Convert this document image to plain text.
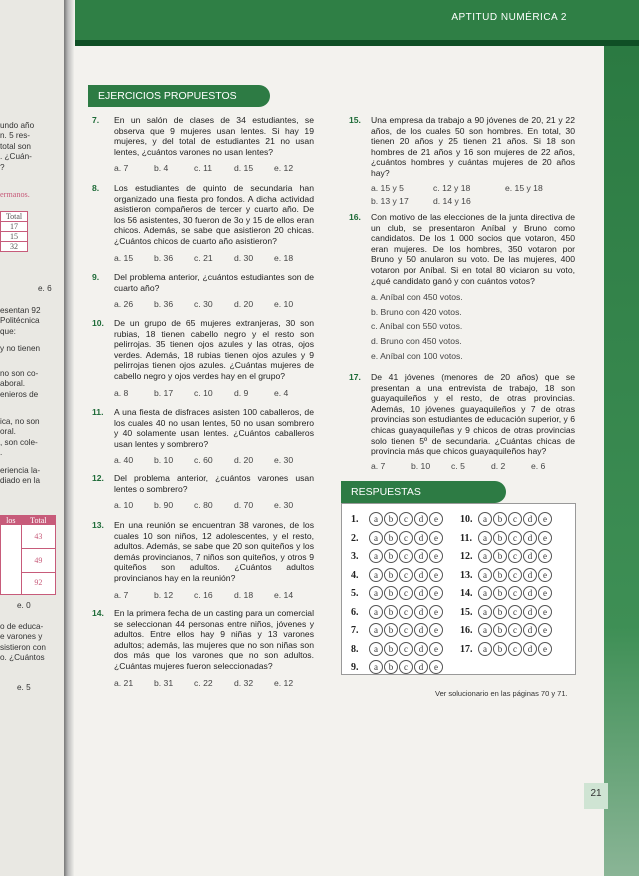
APTITUD NUMÉRICA 2
21
undo año
n. 5 res-
total son
. ¿Cuán-
?
ermanos.
Total
17
15
32
e. 6
esentan 92
Politécnica
que:
y no tienen
no son co-
aboral.
enieros de
ica, no son
oral.
, son cole-
.
eriencia la-
diado en la
los	Total
43
49
92
e. 0
o de educa-
e varones y
sistieron con
o. ¿Cuántos
e. 5
EJERCICIOS PROPUESTOS
7. En un salón de clases de 34 estudiantes, se observa que 9 mujeres usan lentes. Si hay 19 mujeres, y del total de estudiantes 21 no usan lentes, ¿cuántos varones no usan lentes?
a. 7	b. 4	c. 11	d. 15	e. 12
8. Los estudiantes de quinto de secundaria han organizado una fiesta pro fondos. A dicha actividad asistieron compañeros de tercer y cuarto año. De los 56 asistentes, 30 fueron de 3o y 15 de ellos eran chicos. Además, se sabe que asistieron 20 chicas. ¿Cuántos chicos de cuarto año asistieron?
a. 15	b. 36	c. 21	d. 30	e. 18
9. Del problema anterior, ¿cuántos estudiantes son de cuarto año?
a. 26	b. 36	c. 30	d. 20	e. 10
10. De un grupo de 65 mujeres extranjeras, 30 son rubias, 18 tienen cabello negro y el resto son pelirrojas. 35 tienen ojos azules y las otras, ojos verdes. Además, 18 rubias tienen ojos azules y 9 pelirrojas tienen ojos azules. ¿Cuántas mujeres de cabello negro y ojos verdes hay en el grupo?
a. 8	b. 17	c. 10	d. 9	e. 4
11. A una fiesta de disfraces asisten 100 caballeros, de los cuales 40 no usan lentes, 50 no usan sombrero y 40 solamente usan lentes. ¿Cuántos caballeros usan lentes y sombrero?
a. 40	b. 10	c. 60	d. 20	e. 30
12. Del problema anterior, ¿cuántos varones usan lentes o sombrero?
a. 10	b. 90	c. 80	d. 70	e. 30
13. En una reunión se encuentran 38 varones, de los cuales 10 son niños, 12 adolescentes, y el resto, adultos. Además, se sabe que 20 son quiteños y los demás provincianos, 7 niños son quiteños, y otros 9 quiteños son adultos. ¿Cuántos adultos provincianos hay en la reunión?
a. 7	b. 12	c. 16	d. 18	e. 14
14. En la primera fecha de un casting para un comercial se seleccionan 44 personas entre niños, jóvenes y adultos. Entre ellos hay 9 niñas y 13 varones adultos; además, las mujeres que no son niñas son dos más que los varones que no son adultos. ¿Cuántas mujeres fueron seleccionadas?
a. 21	b. 31	c. 22	d. 32	e. 12
15. Una empresa da trabajo a 90 jóvenes de 20, 21 y 22 años, de los cuales 50 son hombres. En total, 30 tienen 20 años y 25 tienen 21 años. Si 18 son hombres de 21 años y 16 son mujeres de 22 años, ¿cuántos hombres y cuántas mujeres de 20 años hay?
a. 15 y 5	c. 12 y 18	e. 15 y 18
b. 13 y 17	d. 14 y 16
16. Con motivo de las elecciones de la junta directiva de un club, se presentaron Aníbal y Bruno como candidatos. De los 1 000 socios que votaron, 450 eran mujeres. De los hombres, 350 votaron por Bruno y 50 anularon su voto. De las mujeres, 400 votaron por Aníbal. Si en total 80 viciaron su voto, ¿qué candidato ganó y con cuántos votos?
a. Aníbal con 450 votos.
b. Bruno con 420 votos.
c. Aníbal con 550 votos.
d. Bruno con 450 votos.
e. Aníbal con 100 votos.
17. De 41 jóvenes (menores de 20 años) que se presentan a una entrevista de trabajo, 18 son guayaquileños y el resto, de otras provincias. Además, 10 jóvenes guayaquileños y 7 de otras provincias son estudiantes de educación superior, y 6 chicas guayaquileñas y 9 chicos de otras provincias solo tienen 5º de secundaria. ¿Cuántas chicas de provincia más que chicos guayaquileños hay?
a. 7	b. 10	c. 5	d. 2	e. 6
RESPUESTAS
1.	a	b	c	d	e
2.	a	b	c	d	e
3.	a	b	c	d	e
4.	a	b	c	d	e
5.	a	b	c	d	e
6.	a	b	c	d	e
7.	a	b	c	d	e
8.	a	b	c	d	e
9.	a	b	c	d	e
10.	a	b	c	d	e
11.	a	b	c	d	e
12.	a	b	c	d	e
13.	a	b	c	d	e
14.	a	b	c	d	e
15.	a	b	c	d	e
16.	a	b	c	d	e
17.	a	b	c	d	e
Ver solucionario en las páginas 70 y 71.
